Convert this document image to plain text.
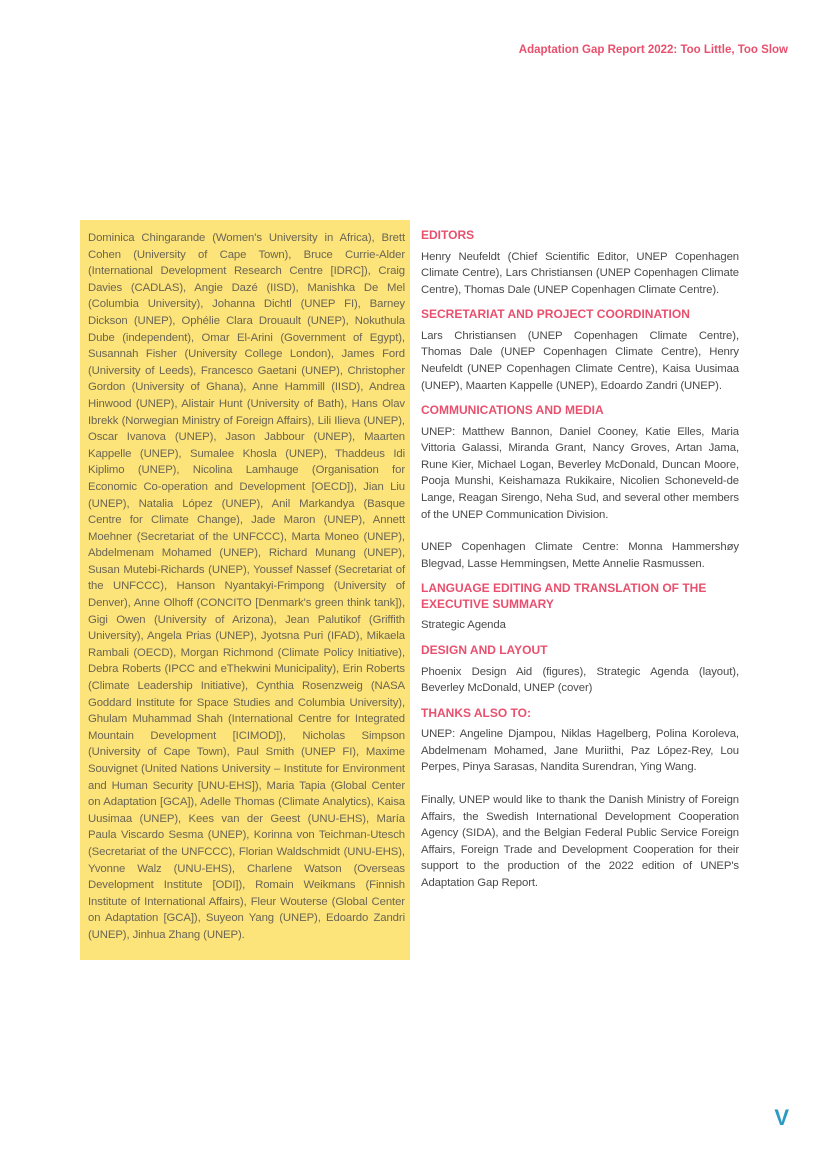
Adaptation Gap Report 2022: Too Little, Too Slow

Dominica Chingarande (Women's University in Africa), Brett Cohen (University of Cape Town), Bruce Currie-Alder (International Development Research Centre [IDRC]), Craig Davies (CADLAS), Angie Dazé (IISD), Manishka De Mel (Columbia University), Johanna Dichtl (UNEP FI), Barney Dickson (UNEP), Ophélie Clara Drouault (UNEP), Nokuthula Dube (independent), Omar El-Arini (Government of Egypt), Susannah Fisher (University College London), James Ford (University of Leeds), Francesco Gaetani (UNEP), Christopher Gordon (University of Ghana), Anne Hammill (IISD), Andrea Hinwood (UNEP), Alistair Hunt (University of Bath), Hans Olav Ibrekk (Norwegian Ministry of Foreign Affairs), Lili Ilieva (UNEP), Oscar Ivanova (UNEP), Jason Jabbour (UNEP), Maarten Kappelle (UNEP), Sumalee Khosla (UNEP), Thaddeus Idi Kiplimo (UNEP), Nicolina Lamhauge (Organisation for Economic Co-operation and Development [OECD]), Jian Liu (UNEP), Natalia López (UNEP), Anil Markandya (Basque Centre for Climate Change), Jade Maron (UNEP), Annett Moehner (Secretariat of the UNFCCC), Marta Moneo (UNEP), Abdelmenam Mohamed (UNEP), Richard Munang (UNEP), Susan Mutebi-Richards (UNEP), Youssef Nassef (Secretariat of the UNFCCC), Hanson Nyantakyi-Frimpong (University of Denver), Anne Olhoff (CONCITO [Denmark's green think tank]), Gigi Owen (University of Arizona), Jean Palutikof (Griffith University), Angela Prias (UNEP), Jyotsna Puri (IFAD), Mikaela Rambali (OECD), Morgan Richmond (Climate Policy Initiative), Debra Roberts (IPCC and eThekwini Municipality), Erin Roberts (Climate Leadership Initiative), Cynthia Rosenzweig (NASA Goddard Institute for Space Studies and Columbia University), Ghulam Muhammad Shah (International Centre for Integrated Mountain Development [ICIMOD]), Nicholas Simpson (University of Cape Town), Paul Smith (UNEP FI), Maxime Souvignet (United Nations University – Institute for Environment and Human Security [UNU-EHS]), Maria Tapia (Global Center on Adaptation [GCA]), Adelle Thomas (Climate Analytics), Kaisa Uusimaa (UNEP), Kees van der Geest (UNU-EHS), María Paula Viscardo Sesma (UNEP), Korinna von Teichman-Utesch (Secretariat of the UNFCCC), Florian Waldschmidt (UNU-EHS), Yvonne Walz (UNU-EHS), Charlene Watson (Overseas Development Institute [ODI]), Romain Weikmans (Finnish Institute of International Affairs), Fleur Wouterse (Global Center on Adaptation [GCA]), Suyeon Yang (UNEP), Edoardo Zandri (UNEP), Jinhua Zhang (UNEP).

EDITORS

Henry Neufeldt (Chief Scientific Editor, UNEP Copenhagen Climate Centre), Lars Christiansen (UNEP Copenhagen Climate Centre), Thomas Dale (UNEP Copenhagen Climate Centre).

SECRETARIAT AND PROJECT COORDINATION

Lars Christiansen (UNEP Copenhagen Climate Centre), Thomas Dale (UNEP Copenhagen Climate Centre), Henry Neufeldt (UNEP Copenhagen Climate Centre), Kaisa Uusimaa (UNEP), Maarten Kappelle (UNEP), Edoardo Zandri (UNEP).

COMMUNICATIONS AND MEDIA

UNEP: Matthew Bannon, Daniel Cooney, Katie Elles, Maria Vittoria Galassi, Miranda Grant, Nancy Groves, Artan Jama, Rune Kier, Michael Logan, Beverley McDonald, Duncan Moore, Pooja Munshi, Keishamaza Rukikaire, Nicolien Schoneveld-de Lange, Reagan Sirengo, Neha Sud, and several other members of the UNEP Communication Division.

UNEP Copenhagen Climate Centre: Monna Hammershøy Blegvad, Lasse Hemmingsen, Mette Annelie Rasmussen.

LANGUAGE EDITING AND TRANSLATION OF THE EXECUTIVE SUMMARY

Strategic Agenda

DESIGN AND LAYOUT

Phoenix Design Aid (figures), Strategic Agenda (layout), Beverley McDonald, UNEP (cover)

THANKS ALSO TO:

UNEP: Angeline Djampou, Niklas Hagelberg, Polina Koroleva, Abdelmenam Mohamed, Jane Muriithi, Paz López-Rey, Lou Perpes, Pinya Sarasas, Nandita Surendran, Ying Wang.

Finally, UNEP would like to thank the Danish Ministry of Foreign Affairs, the Swedish International Development Cooperation Agency (SIDA), and the Belgian Federal Public Service Foreign Affairs, Foreign Trade and Development Cooperation for their support to the production of the 2022 edition of UNEP's Adaptation Gap Report.

V
